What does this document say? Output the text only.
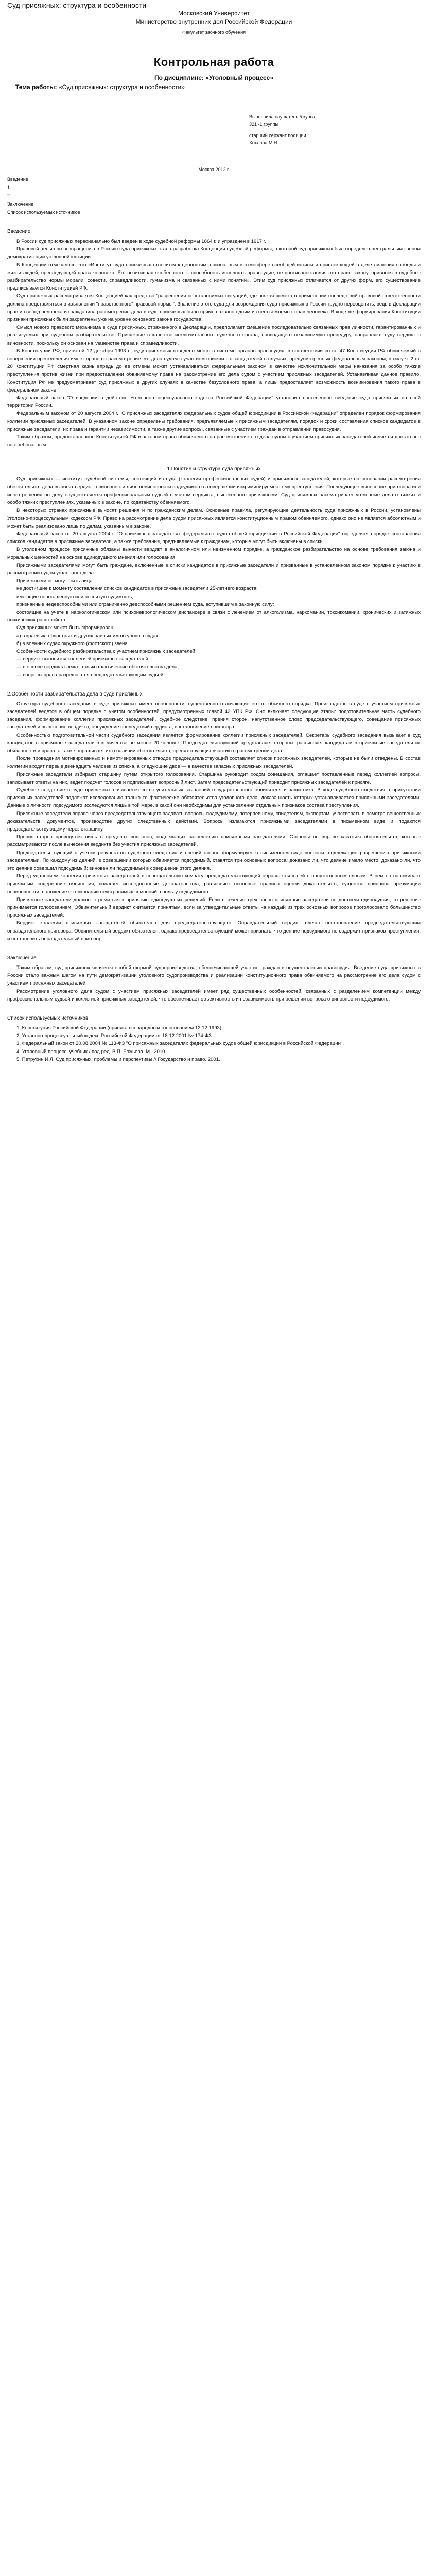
Суд присяжных: структура и особенности
Московский Университет
Министерство внутренних дел Российской Федерации
Факультет заочного обучения
Контрольная работа
По дисциплине: «Уголовный процесс»
Тема работы: «Суд присяжных: структура и особенности»
Выполнила слушатель 5 курса
321 -1 группы
старший сержант полиции
Хохлова М.Н.
Москва 2012 г.
Введение
1.
2.
Заключение
Список используемых источников
Введение

В России суд присяжных первоначально был введен в ходе судебной реформы 1864 г. и упразднен в 1917 г.

Правовой целью по возвращению в Россию суда присяжных стала разработка Концепции судебной реформы, в которой суд присяжных был определен центральным звеном демократизации уголовной юстиции.

В Концепции отмечалось, что «Институт суда присяжных относится к ценностям, признанным в атмосфере всеобщей истины и привлекающей в деле лишения свободы и жизни людей, преследующей права человека. Его позитивная особенность – способность исполнять правосудие, не противопоставляя это право закону, привнося в судебное разбирательство нормы морали, совести, справедливости, гуманизма и связанных с ними понятий». Этим суд присяжных отличается от других форм, его существование предписывается Конституцией РФ.

Суд присяжных рассматривается Концепцией как средство "разрешения неостановимых ситуаций, где всякая помеха в применении последствий правовой ответственности должна представляться в изъявлении "нравственного" правовой нормы". Значение этого суда для возрождения суда присяжных в России трудно переоценить, ведь в Декларации прав и свобод человека и гражданина рассмотрение дела в суде присяжных было прямо названо одним из неотъемлемых прав человека. В ходе же формирования Конституции признаки присяжных были закреплены уже на уровне основного закона государства.

Смысл нового правового механизма в суде присяжных, отраженного в Декларации, предполагает смешение последовательно связанных прав личности, гарантированных и реализуемых при судебном разбирательстве. Присяжные в качестве исключительного судебного органа, проводящего независимую процедуру, направляют суду вердикт о виновности, поскольку он основан на главенстве права и справедливости.

В Конституции РФ, принятой 12 декабря 1993 г., суду присяжных отведено место в системе органов правосудия: в соответствии со ст. 47 Конституции РФ обвиняемый в совершении преступления имеет право на рассмотрение его дела судом с участием присяжных заседателей в случаях, предусмотренных федеральным законом; в силу ч. 2 ст. 20 Конституции РФ смертная казнь впредь до ее отмены может устанавливаться федеральным законом в качестве исключительной меры наказания за особо тяжкие преступления против жизни при предоставлении обвиняемому права на рассмотрение его дела судом с участием присяжных заседателей. Устанавливая данное правило, Конституция РФ не предусматривает суд присяжных в других случаях в качестве безусловного права, а лишь предоставляет возможность возникновения такого права в федеральном законе.

Федеральный закон "О введении в действие Уголовно-процессуального кодекса Российской Федерации" установил постепенное введение суда присяжных на всей территории России.

Федеральным законом от 20 августа 2004 г. "О присяжных заседателях федеральных судов общей юрисдикции в Российской Федерации" определен порядок формирования коллегии присяжных заседателей. В указанном законе определены требования, предъявляемые к присяжным заседателям, порядок и сроки составления списков кандидатов в присяжные заседатели, их права и гарантии независимости, а также другие вопросы, связанные с участием граждан в отправлении правосудия.

Таким образом, предоставленное Конституцией РФ и законом право обвиняемого на рассмотрение его дела судом с участием присяжных заседателей является достаточно востребованным.

1.Понятие и структура суда присяжных

Суд присяжных — институт судебной системы, состоящий из суда (коллегии профессиональных судей) и присяжных заседателей, которые на основании рассмотрения обстоятельств дела выносят вердикт о виновности либо невиновности подсудимого в совершении инкриминируемого ему преступления. Последующее вынесение приговора или иного решения по делу осуществляется профессиональным судьей с учетом вердикта, вынесенного присяжными. Суд присяжных рассматривает уголовные дела о тяжких и особо тяжких преступлениях, указанных в законе, по ходатайству обвиняемого.

В некоторых странах присяжные выносят решения и по гражданским делам. Основные правила, регулирующие деятельность суда присяжных в России, установлены Уголовно-процессуальным кодексом РФ. Право на рассмотрение дела судом присяжных является конституционным правом обвиняемого, однако оно не является абсолютным и может быть реализовано лишь по делам, указанным в законе.

Федеральный закон от 20 августа 2004 г. "О присяжных заседателях федеральных судов общей юрисдикции в Российской Федерации" определяет порядок составления списков кандидатов в присяжные заседатели, а также требования, предъявляемые к гражданам, которые могут быть включены в списки.

В уголовном процессе присяжные обязаны вынести вердикт в аналогичном или неизменном порядке, а гражданское разбирательство на основе требования закона и моральных ценностей на основе единодушного мнения или голосования.

Присяжными заседателями могут быть граждане, включенные в списки кандидатов в присяжные заседатели и призванные в установленном законом порядке к участию в рассмотрении судом уголовного дела.

Присяжными не могут быть лица:

не достигшие к моменту составления списков кандидатов в присяжные заседатели 25-летнего возраста;

имеющие непогашенную или неснятую судимость;

признанные недееспособными или ограниченно дееспособными решением суда, вступившим в законную силу;

состоящие на учете в наркологическом или психоневрологическом диспансере в связи с лечением от алкоголизма, наркомании, токсикомании, хронических и затяжных психических расстройств.

Суд присяжных может быть сформирован:

а) в краевых, областных и других равных им по уровню судах;

б) в военных судах окружного (флотского) звена.

Особенности судебного разбирательства с участием присяжных заседателей:

— вердикт выносится коллегией присяжных заседателей;

— в основе вердикта лежат только фактические обстоятельства дела;

— вопросы права разрешаются председательствующим судьей.

2.Особенности разбирательства дела в суде присяжных

Структура судебного заседания в суде присяжных имеет особенности, существенно отличающие его от обычного порядка. Производство в суде с участием присяжных заседателей ведется в общем порядке с учетом особенностей, предусмотренных главой 42 УПК РФ. Оно включает следующие этапы: подготовительная часть судебного заседания, формирование коллегии присяжных заседателей, судебное следствие, прения сторон, напутственное слово председательствующего, совещание присяжных заседателей и вынесение вердикта, обсуждение последствий вердикта, постановление приговора.

Особенностью подготовительной части судебного заседания является формирование коллегии присяжных заседателей. Секретарь судебного заседания вызывает в суд кандидатов в присяжные заседатели в количестве не менее 20 человек. Председательствующий представляет стороны, разъясняет кандидатам в присяжные заседатели их обязанности и права, а также опрашивает их о наличии обстоятельств, препятствующих участию в рассмотрении дела.

После проведения мотивированных и немотивированных отводов председательствующий составляет список присяжных заседателей, которые не были отведены. В состав коллегии входят первые двенадцать человек из списка, а следующие двое — в качестве запасных присяжных заседателей.

Присяжные заседатели избирают старшину путем открытого голосования. Старшина руководит ходом совещания, оглашает поставленные перед коллегией вопросы, записывает ответы на них, ведет подсчет голосов и подписывает вопросный лист. Затем председательствующий приводит присяжных заседателей к присяге.

Судебное следствие в суде присяжных начинается со вступительных заявлений государственного обвинителя и защитника. В ходе судебного следствия в присутствии присяжных заседателей подлежат исследованию только те фактические обстоятельства уголовного дела, доказанность которых устанавливается присяжными заседателями. Данные о личности подсудимого исследуются лишь в той мере, в какой они необходимы для установления отдельных признаков состава преступления.

Присяжные заседатели вправе через председательствующего задавать вопросы подсудимому, потерпевшему, свидетелям, экспертам, участвовать в осмотре вещественных доказательств, документов, производстве других следственных действий. Вопросы излагаются присяжными заседателями в письменном виде и подаются председательствующему через старшину.

Прения сторон проводятся лишь в пределах вопросов, подлежащих разрешению присяжными заседателями. Стороны не вправе касаться обстоятельств, которые рассматриваются после вынесения вердикта без участия присяжных заседателей.

Председательствующий с учетом результатов судебного следствия и прений сторон формулирует в письменном виде вопросы, подлежащие разрешению присяжными заседателями. По каждому из деяний, в совершении которых обвиняется подсудимый, ставятся три основных вопроса: доказано ли, что деяние имело место; доказано ли, что это деяние совершил подсудимый; виновен ли подсудимый в совершении этого деяния.

Перед удалением коллегии присяжных заседателей в совещательную комнату председательствующий обращается к ней с напутственным словом. В нем он напоминает присяжным содержание обвинения, излагает исследованные доказательства, разъясняет основные правила оценки доказательств, существо принципа презумпции невиновности, положение о толковании неустранимых сомнений в пользу подсудимого.

Присяжные заседатели должны стремиться к принятию единодушных решений. Если в течение трех часов присяжные заседатели не достигли единодушия, то решение принимается голосованием. Обвинительный вердикт считается принятым, если за утвердительные ответы на каждый из трех основных вопросов проголосовало большинство присяжных заседателей.

Вердикт коллегии присяжных заседателей обязателен для председательствующего. Оправдательный вердикт влечет постановление председательствующим оправдательного приговора. Обвинительный вердикт обязателен, однако председательствующий может признать, что деяние подсудимого не содержит признаков преступления, и постановить оправдательный приговор.

Заключение

Таким образом, суд присяжных является особой формой судопроизводства, обеспечивающей участие граждан в осуществлении правосудия. Введение суда присяжных в России стало важным шагом на пути демократизации уголовного судопроизводства и реализации конституционного права обвиняемого на рассмотрение его дела судом с участием присяжных заседателей.

Рассмотрение уголовного дела судом с участием присяжных заседателей имеет ряд существенных особенностей, связанных с разделением компетенции между профессиональным судьей и коллегией присяжных заседателей, что обеспечивает объективность и независимость при решении вопроса о виновности подсудимого.

Список используемых источников

1. Конституция Российской Федерации (принята всенародным голосованием 12.12.1993).

2. Уголовно-процессуальный кодекс Российской Федерации от 18.12.2001 № 174-ФЗ.

3. Федеральный закон от 20.08.2004 № 113-ФЗ "О присяжных заседателях федеральных судов общей юрисдикции в Российской Федерации".

4. Уголовный процесс: учебник / под ред. В.П. Божьева. М., 2010.

5. Петрухин И.Л. Суд присяжных: проблемы и перспективы // Государство и право. 2001.
